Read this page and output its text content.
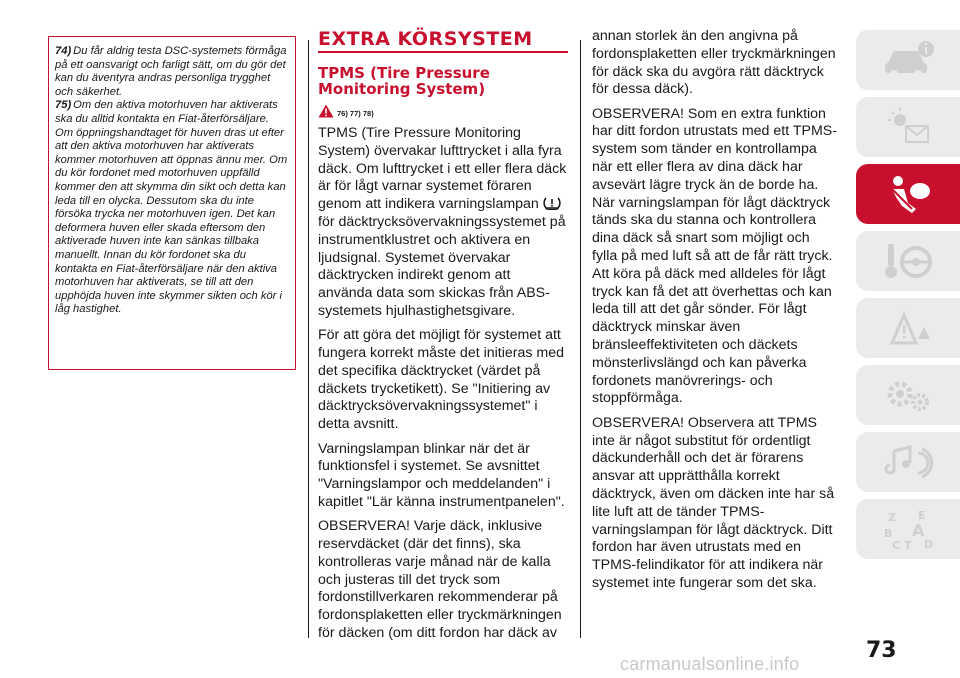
74) Du får aldrig testa DSC-systemets förmåga på ett oansvarigt och farligt sätt, om du gör det kan du äventyra andras personliga trygghet och säkerhet.

75) Om den aktiva motorhuven har aktiverats ska du alltid kontakta en Fiat-återförsäljare. Om öppningshandtaget för huven dras ut efter att den aktiva motorhuven har aktiverats kommer motorhuven att öppnas ännu mer. Om du kör fordonet med motorhuven uppfälld kommer den att skymma din sikt och detta kan leda till en olycka. Dessutom ska du inte försöka trycka ner motorhuven igen. Det kan deformera huven eller skada eftersom den aktiverade huven inte kan sänkas tillbaka manuellt. Innan du kör fordonet ska du kontakta en Fiat-återförsäljare när den aktiva motorhuven har aktiverats, se till att den upphöjda huven inte skymmer sikten och kör i låg hastighet.

EXTRA KÖRSYSTEM
TPMS (Tire Pressure
Monitoring System)
76) 77) 78)

TPMS (Tire Pressure Monitoring System) övervakar lufttrycket i alla fyra däck. Om lufttrycket i ett eller flera däck är för lågt varnar systemet föraren genom att indikera varningslampan för däcktrycksövervakningssystemet på instrumentklustret och aktivera en ljudsignal. Systemet övervakar däcktrycken indirekt genom att använda data som skickas från ABS-systemets hjulhastighetsgivare.

För att göra det möjligt för systemet att fungera korrekt måste det initieras med det specifika däcktrycket (värdet på däckets trycketikett). Se "Initiering av däcktrycksövervakningssystemet" i detta avsnitt.

Varningslampan blinkar när det är funktionsfel i systemet. Se avsnittet "Varningslampor och meddelanden" i kapitlet "Lär känna instrumentpanelen".

OBSERVERA! Varje däck, inklusive reservdäcket (där det finns), ska kontrolleras varje månad när de kalla och justeras till det tryck som fordonstillverkaren rekommenderar på fordonsplaketten eller tryckmärkningen för däcken (om ditt fordon har däck av

annan storlek än den angivna på fordonsplaketten eller tryckmärkningen för däck ska du avgöra rätt däcktryck för dessa däck).

OBSERVERA! Som en extra funktion har ditt fordon utrustats med ett TPMS-system som tänder en kontrollampa när ett eller flera av dina däck har avsevärt lägre tryck än de borde ha. När varningslampan för lågt däcktryck tänds ska du stanna och kontrollera dina däck så snart som möjligt och fylla på med luft så att de får rätt tryck. Att köra på däck med alldeles för lågt tryck kan få det att överhettas och kan leda till att det går sönder. För lågt däcktryck minskar även bränsleeffektiviteten och däckets mönsterlivslängd och kan påverka fordonets manövrerings- och stoppförmåga.

OBSERVERA! Observera att TPMS inte är något substitut för ordentligt däckunderhåll och det är förarens ansvar att upprätthålla korrekt däcktryck, även om däcken inte har så lite luft att de tänder TPMS-varningslampan för lågt däcktryck. Ditt fordon har även utrustats med en TPMS-felindikator för att indikera när systemet inte fungerar som det ska.

Z E
B A
C T D
73
carmanualsonline.info
